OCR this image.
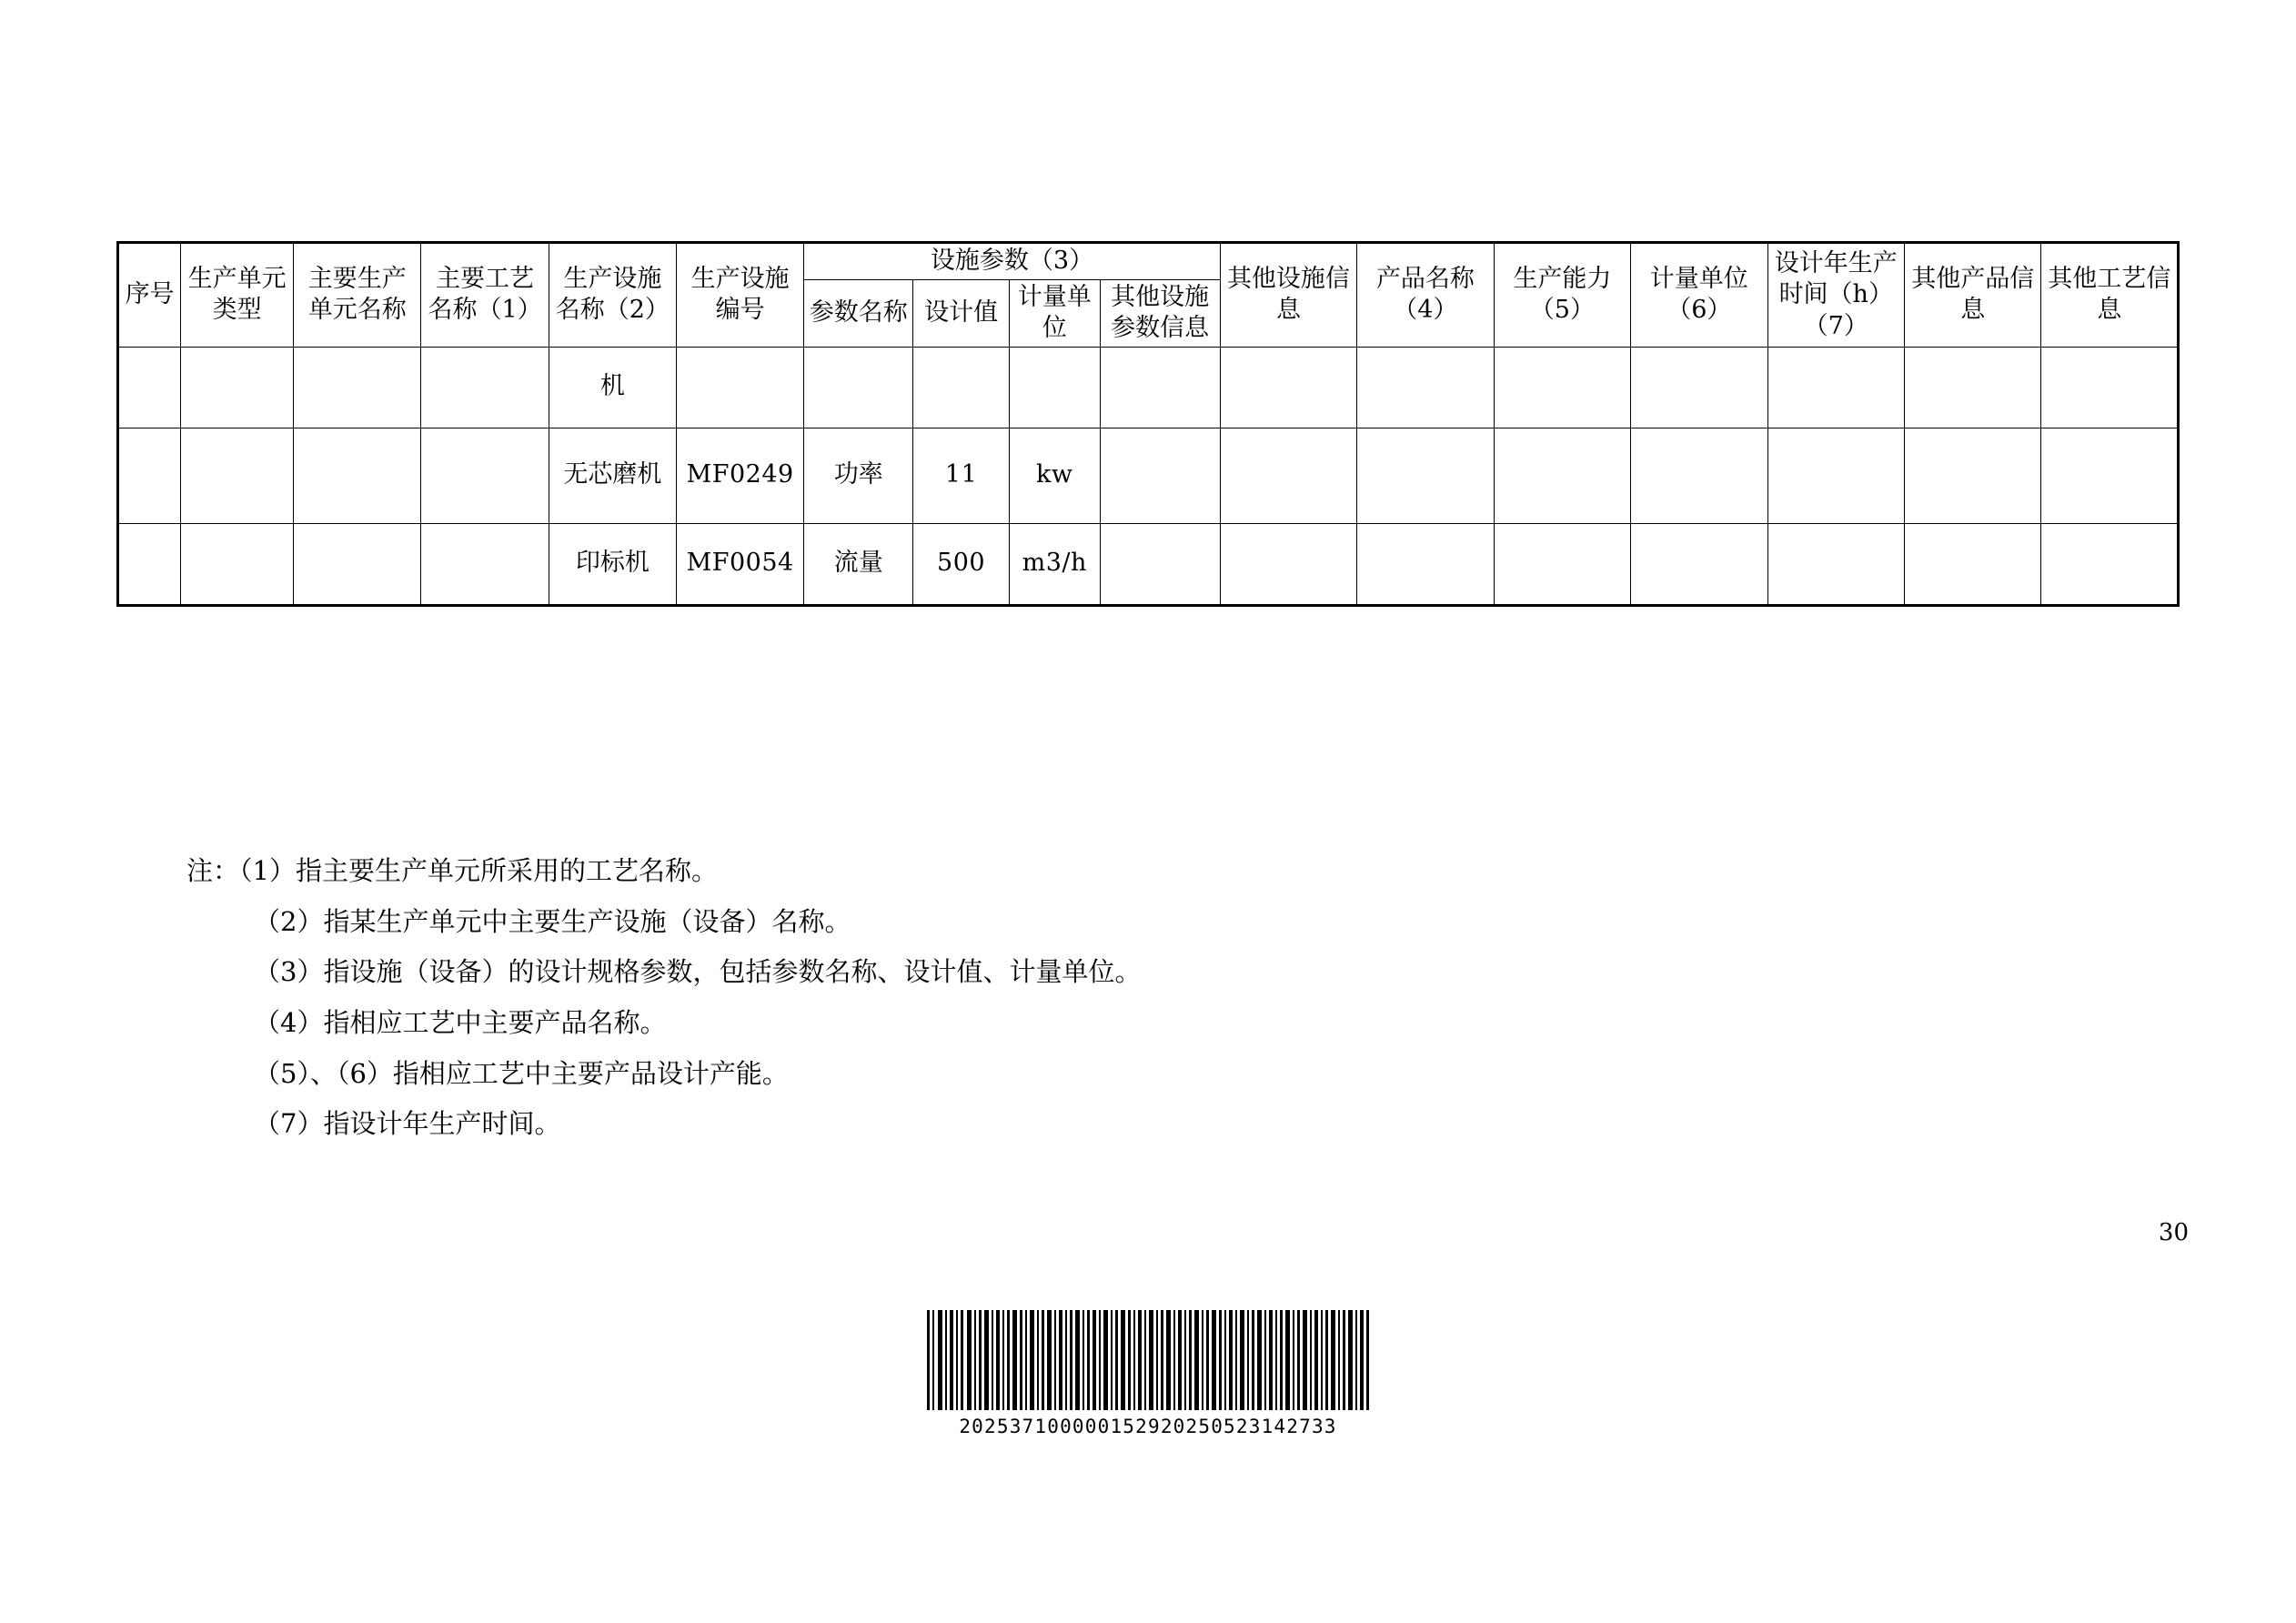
序号	生产单元类型	主要生产单元名称	主要工艺名称（1）	生产设施名称（2）	生产设施编号	设施参数（3）				其他设施信息	产品名称（4）	生产能力（5）	计量单位（6）	设计年生产时间（h）（7）	其他产品信息	其他工艺信息
						参数名称	设计值	计量单位	其他设施参数信息							
				机												
				无芯磨机	MF0249	功率	11	kw								
				印标机	MF0054	流量	500	m3/h								
注：（1）指主要生产单元所采用的工艺名称。
（2）指某生产单元中主要生产设施（设备）名称。
（3）指设施（设备）的设计规格参数，包括参数名称、设计值、计量单位。
（4）指相应工艺中主要产品名称。
（5）、（6）指相应工艺中主要产品设计产能。
（7）指设计年生产时间。
30
202537100000152920250523142733
